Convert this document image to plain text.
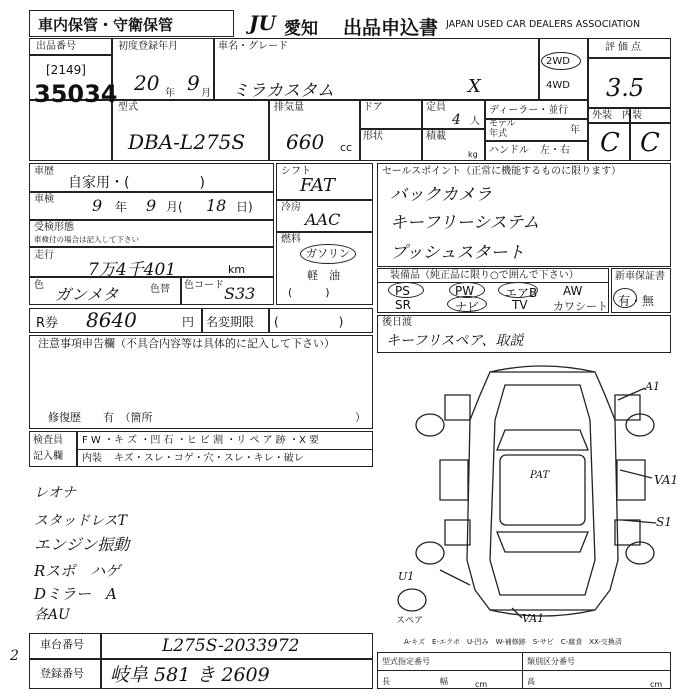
車内保管・守衛保管	JU 愛知 出品申込書 JAPAN USED CAR DEALERS ASSOCIATION
出品番号
[2149]
35034
初度登録年月
20 年 9 月
車名・グレード
ミラカスタム	X
2WD
4WD
評価点
3.5
外装　内装
C C
型式
DBA-L275S
排気量
660 cc
ドア
形状
定員
4 人
積載
kg
ディーラー・並行
モデル
年式	年
ハンドル 左・右
車歴
自家用・(　　　　　)
車検 9 年 9 月( 18 日)
受検形態
車検付の場合は記入して下さい
走行
7万4千401	km
色 ガンメタ	色替 色コード S33
シフト
FAT
冷房
AAC
燃料
ガソリン
軽　油
(　　　)
R券 8640	円 名変期限 (　　　　　)
セールスポイント（正常に機能するものに限ります）
バックカメラ
キーフリーシステム
プッシュスタート
装備品（純正品に限り○で囲んで下さい）
PS	PW	エアB AW
SR	ナビ	TV カワシート
新車保証書
有・無
注意事項申告欄（不具合内容等は具体的に記入して下さい）
修復歴　　有　（箇所	）
後日渡
キーフリスペア、取説
検査員
記入欄
F W ・キ ズ ・凹 石 ・ヒ ビ 割 ・リ ペ ア 跡 ・X 要
内装 キズ・スレ・コゲ・穴・スレ・キレ・破レ
レオナ
スタッドレスT
エンジン振動
Rスポ　ハゲ
Dミラー　A
各AU
A1
VA1
S1
U1
VA1
PAT
スペア
A-キズ　E-エクボ　U-凹み　W-補修跡　S-サビ　C-腐食　XX-交換済
車台番号	L275S-2033972
登録番号 岐阜 581 き 2609
2	型式指定番号	類別区分番号
長	幅	高
cm	cm
